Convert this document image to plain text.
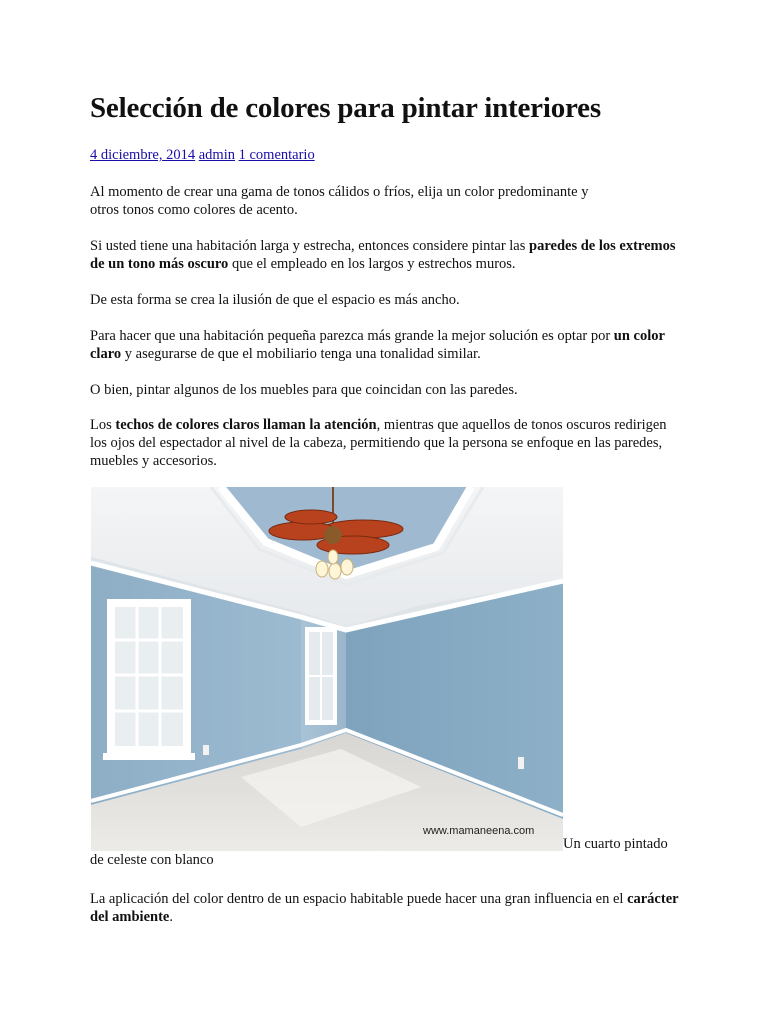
Selección de colores para pintar interiores
4 diciembre, 2014 admin 1 comentario

Al momento de crear una gama de tonos cálidos o fríos, elija un color predominante y
otros tonos como colores de acento.

Si usted tiene una habitación larga y estrecha, entonces considere pintar las paredes de los extremos de un tono más oscuro que el empleado en los largos y estrechos muros.

De esta forma se crea la ilusión de que el espacio es más ancho.

Para hacer que una habitación pequeña parezca más grande la mejor solución es optar por un color claro y asegurarse de que el mobiliario tenga una tonalidad similar.

O bien, pintar algunos de los muebles para que coincidan con las paredes.

Los techos de colores claros llaman la atención, mientras que aquellos de tonos oscuros redirigen los ojos del espectador al nivel de la cabeza, permitiendo que la persona se enfoque en las paredes, muebles y accesorios.

www.mamaneena.com
Un cuarto pintado
de celeste con blanco

La aplicación del color dentro de un espacio habitable puede hacer una gran influencia en el carácter del ambiente.
